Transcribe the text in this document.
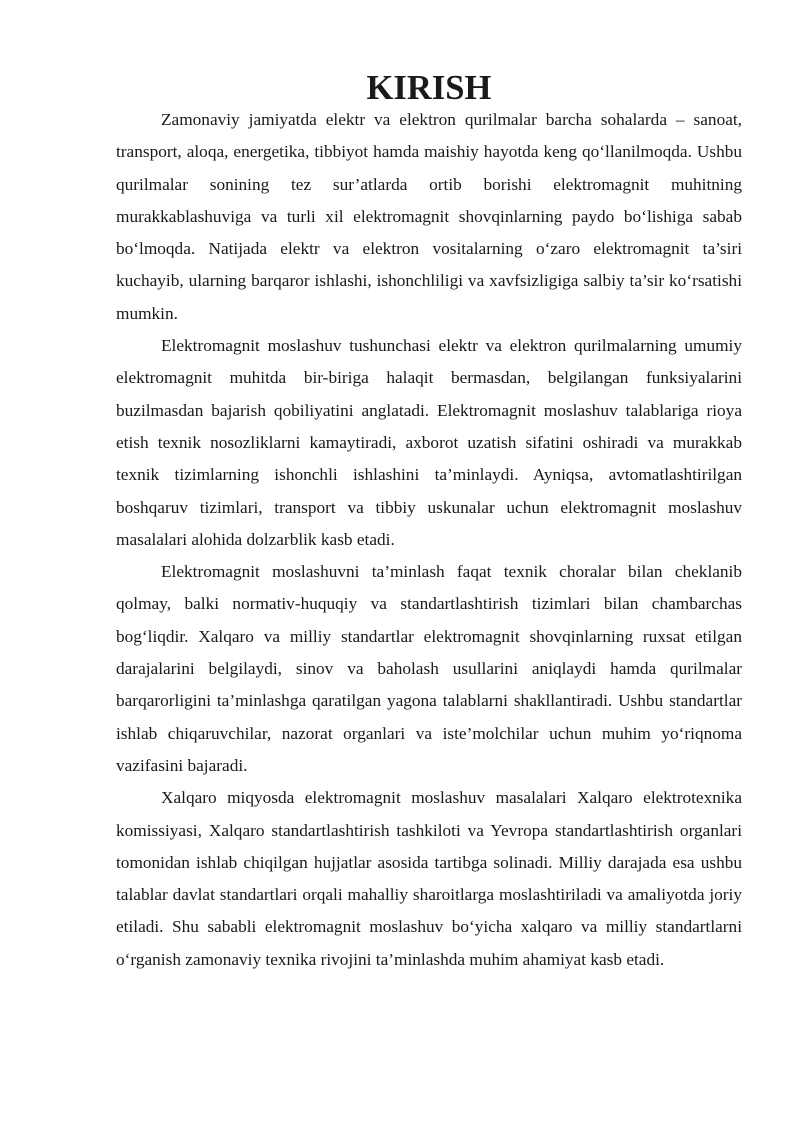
KIRISH

Zamonaviy jamiyatda elektr va elektron qurilmalar barcha sohalarda – sanoat, transport, aloqa, energetika, tibbiyot hamda maishiy hayotda keng qo‘llanilmoqda. Ushbu qurilmalar sonining tez sur’atlarda ortib borishi elektromagnit muhitning murakkablashuviga va turli xil elektromagnit shovqinlarning paydo bo‘lishiga sabab bo‘lmoqda. Natijada elektr va elektron vositalarning o‘zaro elektromagnit ta’siri kuchayib, ularning barqaror ishlashi, ishonchliligi va xavfsizligiga salbiy ta’sir ko‘rsatishi mumkin.

Elektromagnit moslashuv tushunchasi elektr va elektron qurilmalarning umumiy elektromagnit muhitda bir-biriga halaqit bermasdan, belgilangan funksiyalarini buzilmasdan bajarish qobiliyatini anglatadi. Elektromagnit moslashuv talablariga rioya etish texnik nosozliklarni kamaytiradi, axborot uzatish sifatini oshiradi va murakkab texnik tizimlarning ishonchli ishlashini ta’minlaydi. Ayniqsa, avtomatlashtirilgan boshqaruv tizimlari, transport va tibbiy uskunalar uchun elektromagnit moslashuv masalalari alohida dolzarblik kasb etadi.

Elektromagnit moslashuvni ta’minlash faqat texnik choralar bilan cheklanib qolmay, balki normativ-huquqiy va standartlashtirish tizimlari bilan chambarchas bog‘liqdir. Xalqaro va milliy standartlar elektromagnit shovqinlarning ruxsat etilgan darajalarini belgilaydi, sinov va baholash usullarini aniqlaydi hamda qurilmalar barqarorligini ta’minlashga qaratilgan yagona talablarni shakllantiradi. Ushbu standartlar ishlab chiqaruvchilar, nazorat organlari va iste’molchilar uchun muhim yo‘riqnoma vazifasini bajaradi.

Xalqaro miqyosda elektromagnit moslashuv masalalari Xalqaro elektrotexnika komissiyasi, Xalqaro standartlashtirish tashkiloti va Yevropa standartlashtirish organlari tomonidan ishlab chiqilgan hujjatlar asosida tartibga solinadi. Milliy darajada esa ushbu talablar davlat standartlari orqali mahalliy sharoitlarga moslashtiriladi va amaliyotda joriy etiladi. Shu sababli elektromagnit moslashuv bo‘yicha xalqaro va milliy standartlarni o‘rganish zamonaviy texnika rivojini ta’minlashda muhim ahamiyat kasb etadi.
